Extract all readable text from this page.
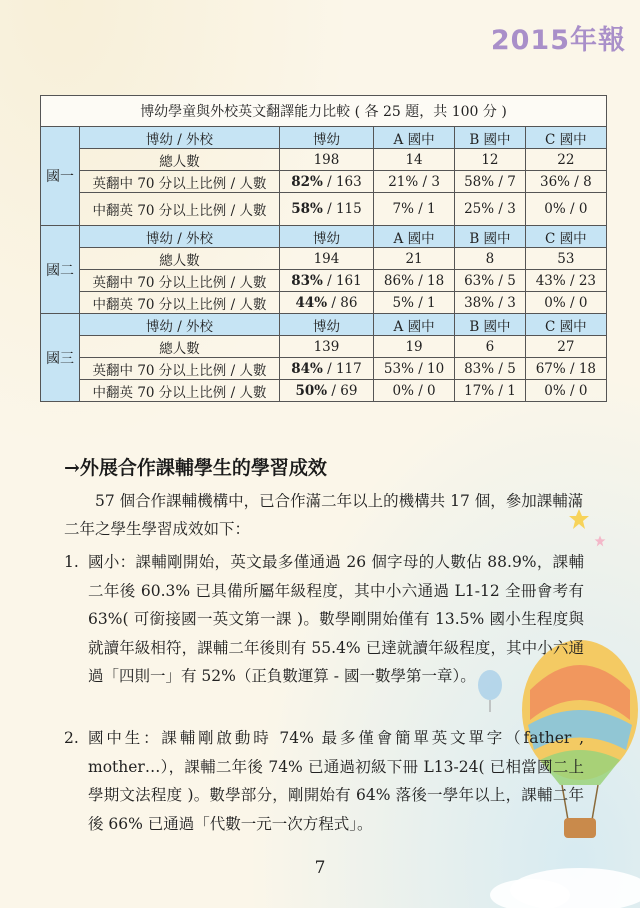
2015年報
博幼學童與外校英文翻譯能力比較 ( 各 25 題，共 100 分 )					
國一	博幼 / 外校	博幼	A 國中	B 國中	C 國中
	總人數	198	14	12	22
	英翻中 70 分以上比例 / 人數	82% / 163	21% / 3	58% / 7	36% / 8
	中翻英 70 分以上比例 / 人數	58% / 115	7% / 1	25% / 3	0% / 0
國二	博幼 / 外校	博幼	A 國中	B 國中	C 國中
	總人數	194	21	8	53
	英翻中 70 分以上比例 / 人數	83% / 161	86% / 18	63% / 5	43% / 23
	中翻英 70 分以上比例 / 人數	44% / 86	5% / 1	38% / 3	0% / 0
國三	博幼 / 外校	博幼	A 國中	B 國中	C 國中
	總人數	139	19	6	27
	英翻中 70 分以上比例 / 人數	84% / 117	53% / 10	83% / 5	67% / 18
	中翻英 70 分以上比例 / 人數	50% / 69	0% / 0	17% / 1	0% / 0
→外展合作課輔學生的學習成效
57 個合作課輔機構中，已合作滿二年以上的機構共 17 個，參加課輔滿二年之學生學習成效如下：
1. 國小：課輔剛開始，英文最多僅通過 26 個字母的人數佔 88.9%，課輔二年後 60.3% 已具備所屬年級程度，其中小六通過 L1-12 全冊會考有 63%( 可銜接國一英文第一課 )。數學剛開始僅有 13.5% 國小生程度與就讀年級相符，課輔二年後則有 55.4% 已達就讀年級程度，其中小六通過「四則一」有 52%（正負數運算 - 國一數學第一章）。
2. 國中生：課輔剛啟動時 74% 最多僅會簡單英文單字（father , mother…），課輔二年後 74% 已通過初級下冊 L13-24( 已相當國二上學期文法程度 )。數學部分，剛開始有 64% 落後一學年以上，課輔二年後 66% 已通過「代數一元一次方程式」。
7
